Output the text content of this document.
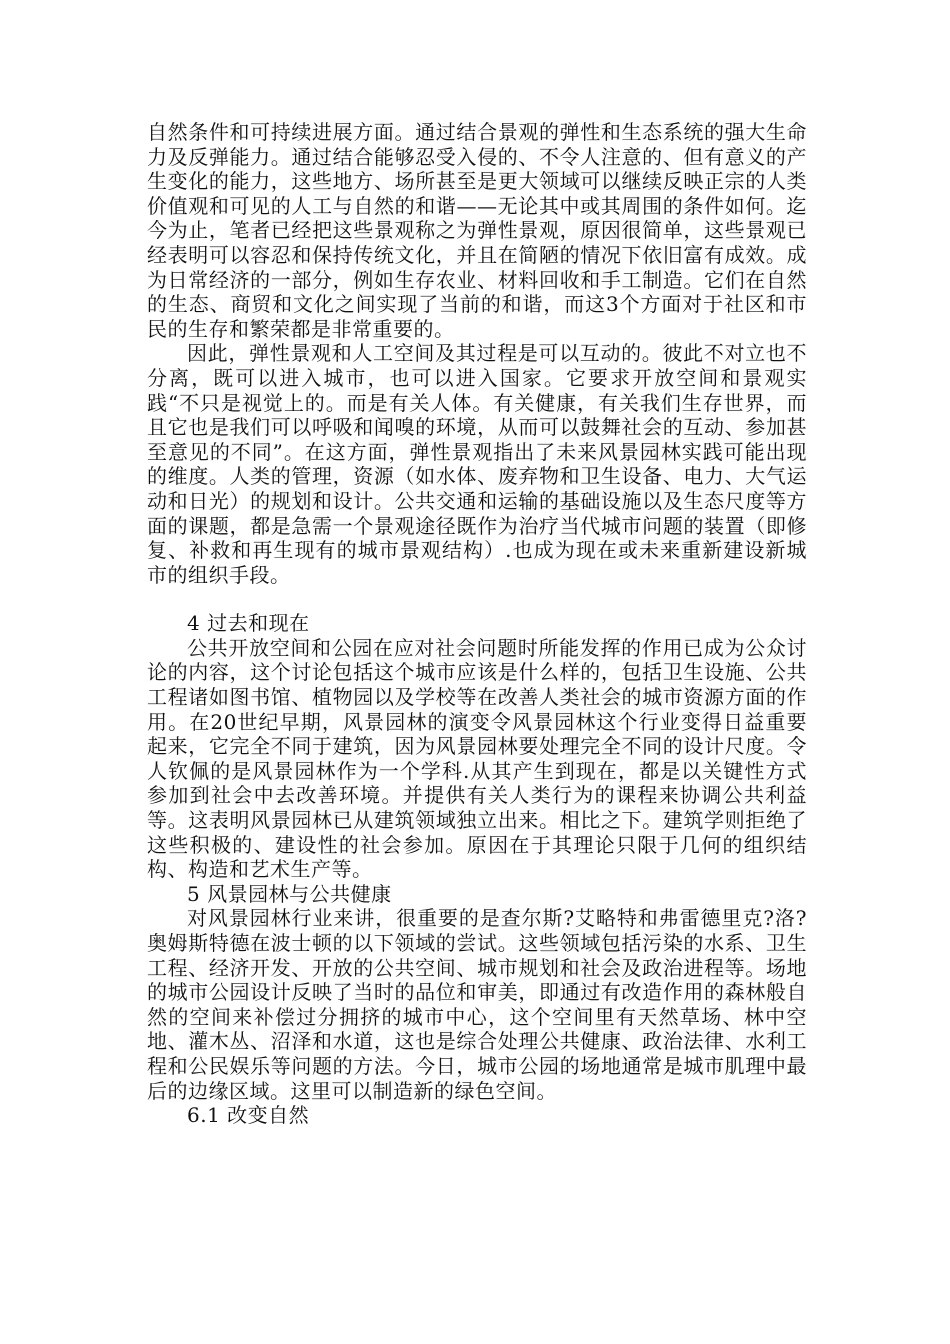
自然条件和可持续进展方面。通过结合景观的弹性和生态系统的强大生命力及反弹能力。通过结合能够忍受入侵的、不令人注意的、但有意义的产生变化的能力，这些地方、场所甚至是更大领域可以继续反映正宗的人类价值观和可见的人工与自然的和谐——无论其中或其周围的条件如何。迄今为止，笔者已经把这些景观称之为弹性景观，原因很简单，这些景观已经表明可以容忍和保持传统文化，并且在简陋的情况下依旧富有成效。成为日常经济的一部分，例如生存农业、材料回收和手工制造。它们在自然的生态、商贸和文化之间实现了当前的和谐，而这3个方面对于社区和市民的生存和繁荣都是非常重要的。

因此，弹性景观和人工空间及其过程是可以互动的。彼此不对立也不分离，既可以进入城市，也可以进入国家。它要求开放空间和景观实践“不只是视觉上的。而是有关人体。有关健康，有关我们生存世界，而且它也是我们可以呼吸和闻嗅的环境，从而可以鼓舞社会的互动、参加甚至意见的不同”。在这方面，弹性景观指出了未来风景园林实践可能出现的维度。人类的管理，资源（如水体、废弃物和卫生设备、电力、大气运动和日光）的规划和设计。公共交通和运输的基础设施以及生态尺度等方面的课题，都是急需一个景观途径既作为治疗当代城市问题的装置（即修复、补救和再生现有的城市景观结构）.也成为现在或未来重新建设新城市的组织手段。

4 过去和现在

公共开放空间和公园在应对社会问题时所能发挥的作用已成为公众讨论的内容，这个讨论包括这个城市应该是什么样的，包括卫生设施、公共工程诸如图书馆、植物园以及学校等在改善人类社会的城市资源方面的作用。在20世纪早期，风景园林的演变令风景园林这个行业变得日益重要起来，它完全不同于建筑，因为风景园林要处理完全不同的设计尺度。令人钦佩的是风景园林作为一个学科.从其产生到现在，都是以关键性方式参加到社会中去改善环境。并提供有关人类行为的课程来协调公共利益等。这表明风景园林已从建筑领域独立出来。相比之下。建筑学则拒绝了这些积极的、建设性的社会参加。原因在于其理论只限于几何的组织结构、构造和艺术生产等。

5 风景园林与公共健康

对风景园林行业来讲，很重要的是查尔斯?艾略特和弗雷德里克?洛?奥姆斯特德在波士顿的以下领域的尝试。这些领域包括污染的水系、卫生工程、经济开发、开放的公共空间、城市规划和社会及政治进程等。场地的城市公园设计反映了当时的品位和审美，即通过有改造作用的森林般自然的空间来补偿过分拥挤的城市中心，这个空间里有天然草场、林中空地、灌木丛、沼泽和水道，这也是综合处理公共健康、政治法律、水利工程和公民娱乐等问题的方法。今日，城市公园的场地通常是城市肌理中最后的边缘区域。这里可以制造新的绿色空间。

6.1 改变自然
